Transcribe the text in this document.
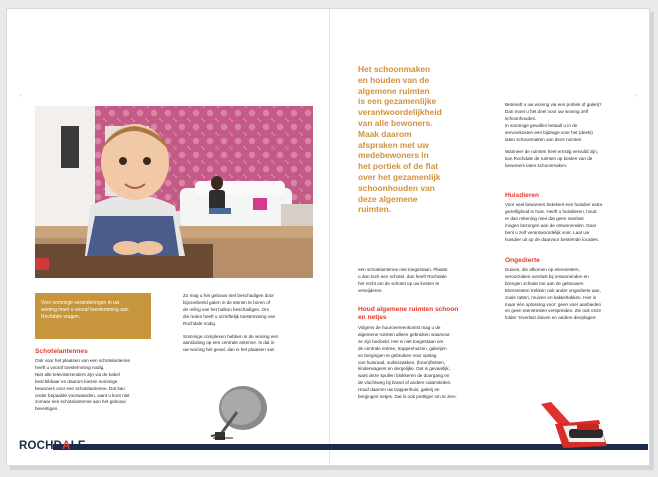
‹	›
Voor sommige veranderingen in uw
woning moet u vooraf toestemming aan
Rochdale vragen.
Schotelantennes
Ook voor het plaatsen van een schotelantenne
heeft u vooraf toestemming nodig.
Niet alle televisiezenders zijn via de kabel
beschikbaar en daarom kiezen sommige
bewoners voor een schotelantenne. Dat kan
onder bepaalde voorwaarden, want u kunt niet
zomaar een schotelantenne aan het gebouw
bevestigen.
Zo mag u het gebouw niet beschadigen door
bijvoorbeeld gaten in de stenen te boren of
de reling van het balkon beschadigen. Om
die reden heeft u schriftelijk toestemming van
Rochdale nodig.
Sommige complexen hebben in de woning een
aansluiting op een centrale antenne. Is dat in
uw woning het geval, dan is het plaatsen van
ROCHDALE
Het schoonmaken
en houden van de
algemene ruimten
is een gezamenlijke
verantwoordelijkheid
van alle bewoners.
Maak daarom
afspraken met uw
medebewoners in
het portiek of de flat
over het gezamenlijk
schoonhouden van
deze algemene
ruimten.
een schotelantenne niet toegestaan. Plaatst
u dan toch een schotel, dan heeft Rochdale
het recht om de schotel op uw kosten te
verwijderen.
Houd algemene ruimten schoon
en netjes
Volgens de huurovereenkomst mag u de
algemene ruimten alleen gebruiken waarvoor
ze zijn bedoeld. Het is niet toegestaan om
de centrale entree, trappenhuizen, galerijen
en bergingen te gebruiken voor opslag
van huisraad, vuilniszakken, (brom)fietsen,
kinderwagens en dergelijke. Dat is gevaarlijk,
want deze spullen blokkeren de doorgang en
de vluchtweg bij brand of andere calamiteiten.
Houd daarom uw trappenhuis, galerij en
bergingen netjes. Dat is ook prettiger om te zien.
Betreedt u uw woning via een portiek of galerij?
Dan moet u het deel voor uw woning zelf
schoonhouden.
In sommige gevallen betaalt u in de
servicekosten een bijdrage voor het (deels)
laten schoonmaken van deze ruimten.
Wanneer de ruimten heel ernstig vervuild zijn,
kan Rochdale de ruimten op kosten van de
bewoners laten schoonmaken.
Huisdieren
Voor veel bewoners betekent een huisdier extra
gezelligheid in huis. Heeft u huisdieren, houd
er dan rekening mee dat geen overlast
mogen bezorgen aan de omwonenden. Daar
bent u zelf verantwoordelijk voor. Laat uw
huisdier uit op de daarvoor bestemde locaties.
Ongedierte
Duiven, die afkomen op etensresten,
veroorzaken overlast bij omwonenden en
brengen schade toe aan de gebouwen.
Etensresten trekken ook ander ongedierte aan,
zoals ratten, muizen en kakkerlakken. Hier is
maar één oplossing voor: geen voer aanbieden
en geen etensresten verspreiden. Zie ook onze
folder 'Overlast duiven en andere dierplagen'.
